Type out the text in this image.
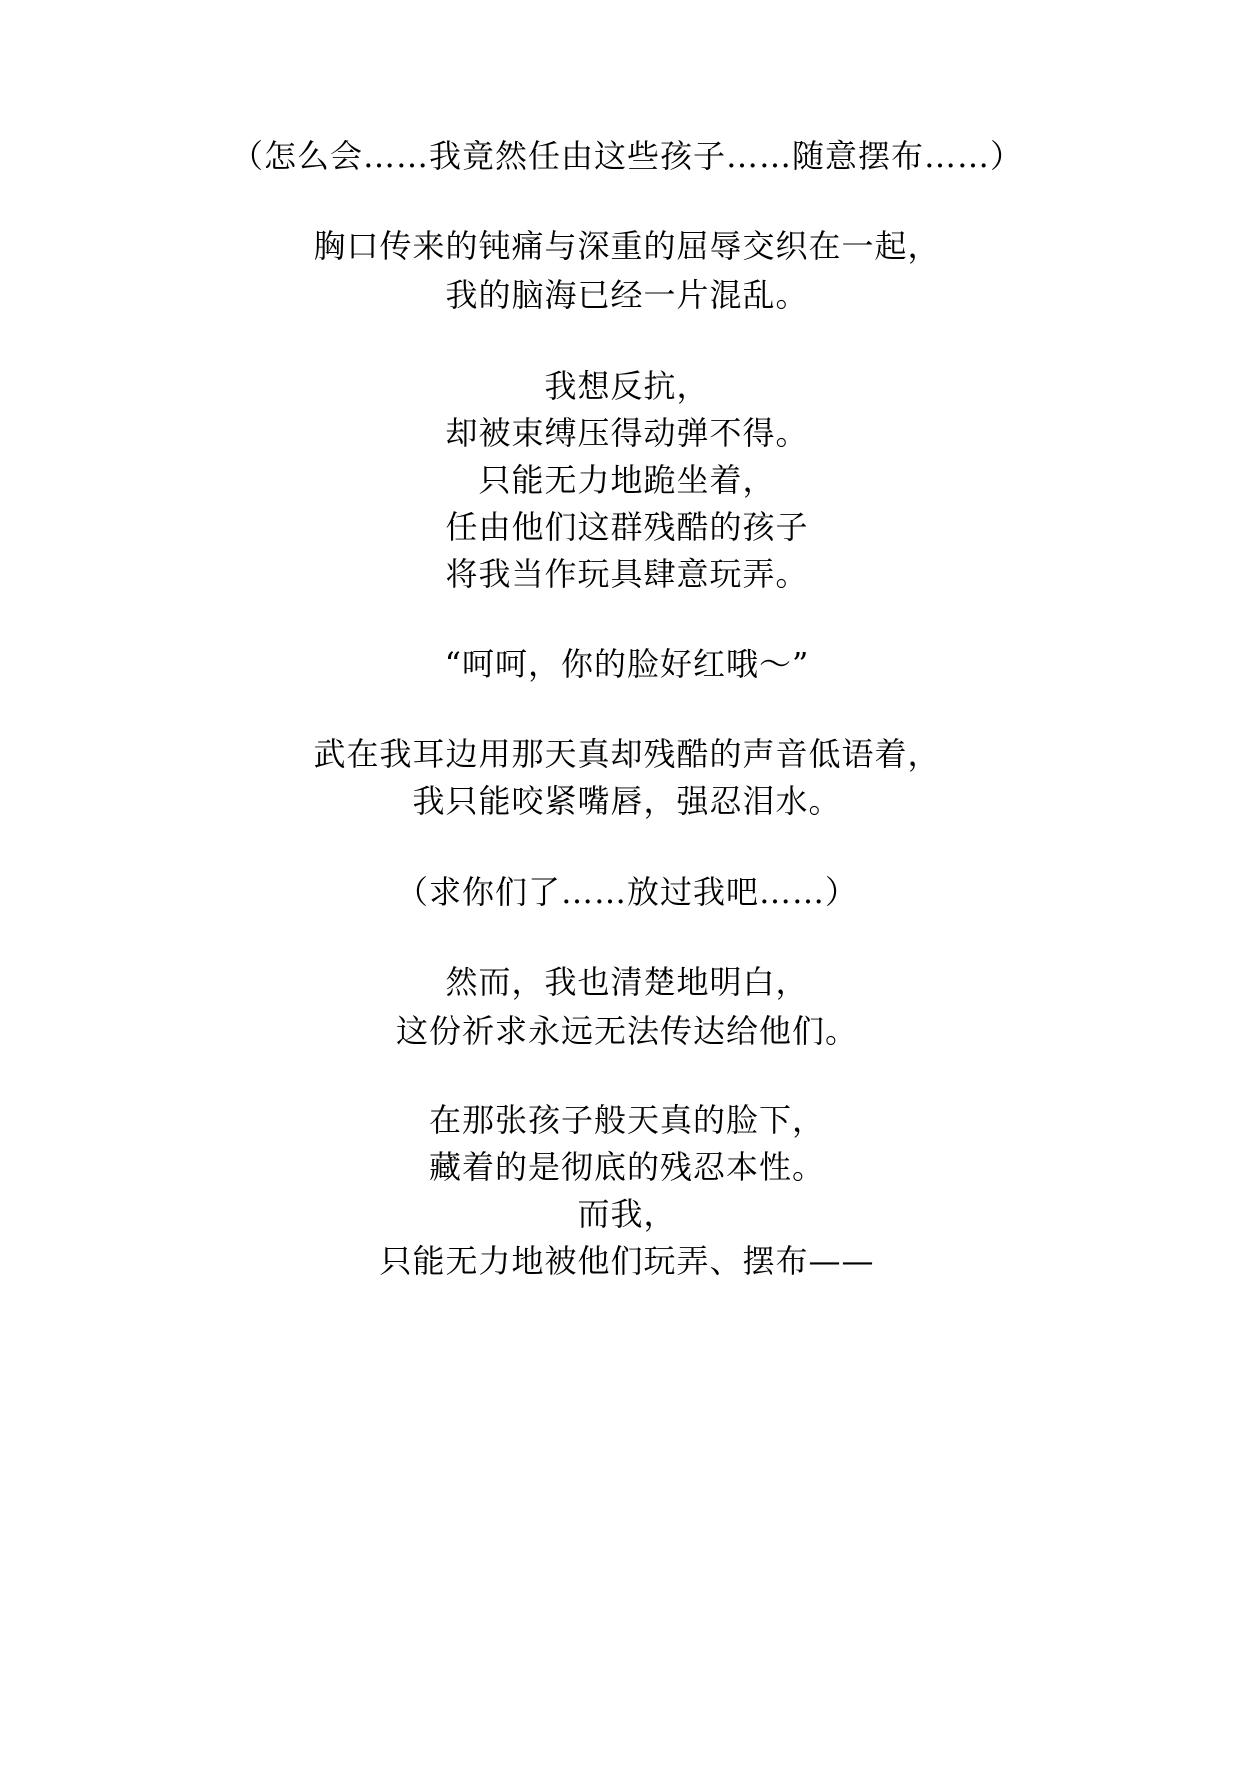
（怎么会……我竟然任由这些孩子……随意摆布……）
胸口传来的钝痛与深重的屈辱交织在一起，
我的脑海已经一片混乱。
我想反抗，
却被束缚压得动弹不得。
只能无力地跪坐着，
任由他们这群残酷的孩子
将我当作玩具肆意玩弄。
“呵呵，你的脸好红哦～”
武在我耳边用那天真却残酷的声音低语着，
我只能咬紧嘴唇，强忍泪水。
（求你们了……放过我吧……）
然而，我也清楚地明白，
这份祈求永远无法传达给他们。
在那张孩子般天真的脸下，
藏着的是彻底的残忍本性。
而我，
只能无力地被他们玩弄、摆布——
